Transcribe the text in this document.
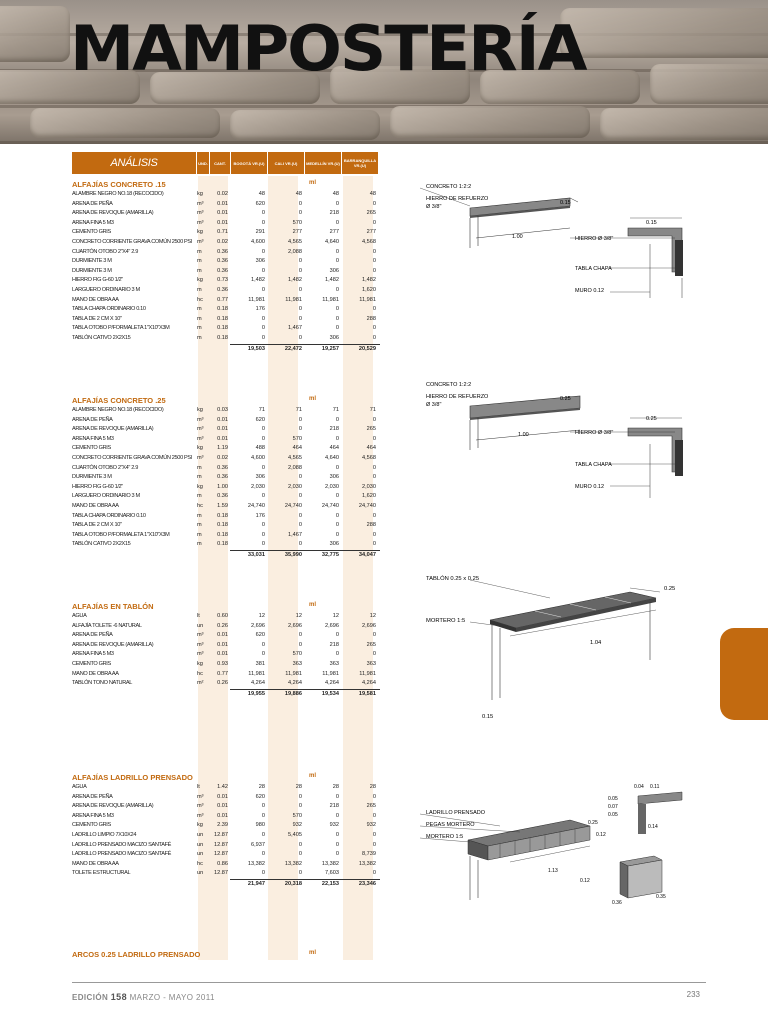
MAMPOSTERÍA
ANÁLISIS	UND.	CANT.	BOGOTÁ VR.(U)	CALI VR.(U)	MEDELLÍN VR.(U)	BARRANQUILLA VR.(U)
ALFAJÍAS CONCRETO .15	ml
ALAMBRE NEGRO NO.18 (RECOCIDO)	kg	0.02	48	48	48	48
ARENA DE PEÑA	m³	0.01	620	0	0	0
ARENA DE REVOQUE (AMARILLA)	m³	0.01	0	0	218	265
ARENA FINA 5 M3	m³	0.01	0	570	0	0
CEMENTO GRIS	kg	0.71	291	277	277	277
CONCRETO CORRIENTE GRAVA COMÚN 2500 PSI m³	0.02	4,600	4,565	4,640	4,568
CUARTÓN OTOBO 2"X4" 2.9	m	0.36	0	2,088	0	0
DURMIENTE 3 M	m	0.36	306	0	0	0
DURMIENTE 3 M	m	0.36	0	0	306	0
HIERRO FIG G-60 1/2"	kg	0.73	1,482	1,482	1,482	1,482
LARGUERO ORDINARIO 3 M	m	0.36	0	0	0	1,620
MANO DE OBRA AA	hc	0.77	11,981	11,981	11,981	11,981
TABLA CHAPA ORDINARIO 0.10	m	0.18	176	0	0	0
TABLA DE 2 CM X 10"	m	0.18	0	0	0	288
TABLA OTOBO P/FORMALETA 1"X10"X3M	m	0.18	0	1,467	0	0
TABLÓN CATIVO 2X2X15	m	0.18	0	0	306	0
19,503	22,472	19,257	20,529
ALFAJÍAS CONCRETO .25	ml
ALAMBRE NEGRO NO.18 (RECOCIDO)	kg	0.03	71	71	71	71
ARENA DE PEÑA	m³	0.01	620	0	0	0
ARENA DE REVOQUE (AMARILLA)	m³	0.01	0	0	218	265
ARENA FINA 5 M3	m³	0.01	0	570	0	0
CEMENTO GRIS	kg	1.19	488	464	464	464
CONCRETO CORRIENTE GRAVA COMÚN 2500 PSI m³	0.02	4,600	4,565	4,640	4,568
CUARTÓN OTOBO 2"X4" 2.9	m	0.36	0	2,088	0	0
DURMIENTE 3 M	m	0.36	306	0	306	0
HIERRO FIG G-60 1/2"	kg	1.00	2,030	2,030	2,030	2,030
LARGUERO ORDINARIO 3 M	m	0.36	0	0	0	1,620
MANO DE OBRA AA	hc	1.59	24,740	24,740	24,740	24,740
TABLA CHAPA ORDINARIO 0.10	m	0.18	176	0	0	0
TABLA DE 2 CM X 10"	m	0.18	0	0	0	288
TABLA OTOBO P/FORMALETA 1"X10"X3M	m	0.18	0	1,467	0	0
TABLÓN CATIVO 2X2X15	m	0.18	0	0	306	0
33,031	35,990	32,775	34,047
ALFAJÍAS EN TABLÓN	ml
AGUA	lt	0.60	12	12	12	12
ALFAJÍA TOLETE -6 NATURAL	un	0.26	2,696	2,696	2,696	2,696
ARENA DE PEÑA	m³	0.01	620	0	0	0
ARENA DE REVOQUE (AMARILLA)	m³	0.01	0	0	218	265
ARENA FINA 5 M3	m³	0.01	0	570	0	0
CEMENTO GRIS	kg	0.93	381	363	363	363
MANO DE OBRA AA	hc	0.77	11,981	11,981	11,981	11,981
TABLÓN TONO NATURAL	m²	0.26	4,264	4,264	4,264	4,264
19,955	19,886	19,534	19,581
ALFAJÍAS LADRILLO PRENSADO	ml
AGUA	lt	1.42	28	28	28	28
ARENA DE PEÑA	m³	0.01	620	0	0	0
ARENA DE REVOQUE (AMARILLA)	m³	0.01	0	0	218	265
ARENA FINA 5 M3	m³	0.01	0	570	0	0
CEMENTO GRIS	kg	2.39	980	932	932	932
LADRILLO LIMPIO 7X10X24	un	12.87	0	5,405	0	0
LADRILLO PRENSADO MACIZO SANTAFÉ	un	12.87	6,937	0	0	0
LADRILLO PRENSADO MACIZO SANTAFÉ	un	12.87	0	0	0	8,739
MANO DE OBRA AA	hc	0.86	13,382	13,382	13,382	13,382
TOLETE ESTRUCTURAL	un	12.87	0	0	7,603	0
21,947	20,318	22,153	23,346
ARCOS 0.25 LADRILLO PRENSADO	ml
CONCRETO 1:2:2
HIERRO DE REFUERZO
Ø 3/8"
0.15
1.00
0.15
HIERRO Ø 3/8"
TABLA CHAPA
MURO 0.12
CONCRETO 1:2:2
HIERRO DE REFUERZO
Ø 3/8"
0.25
1.00
0.25
HIERRO Ø 3/8"
TABLA CHAPA
MURO 0.12
TABLÓN 0.25 x 0.25
MORTERO 1:5
0.25
1.04
0.15
LADRILLO PRENSADO
PEGAS MORTERO
MORTERO 1:5
0.04 0.11
0.05
0.07
0.05
0.14
0.25
0.12
1.13
0.12
0.36
0.35
EDICIÓN 158 MARZO - MAYO 2011	233
